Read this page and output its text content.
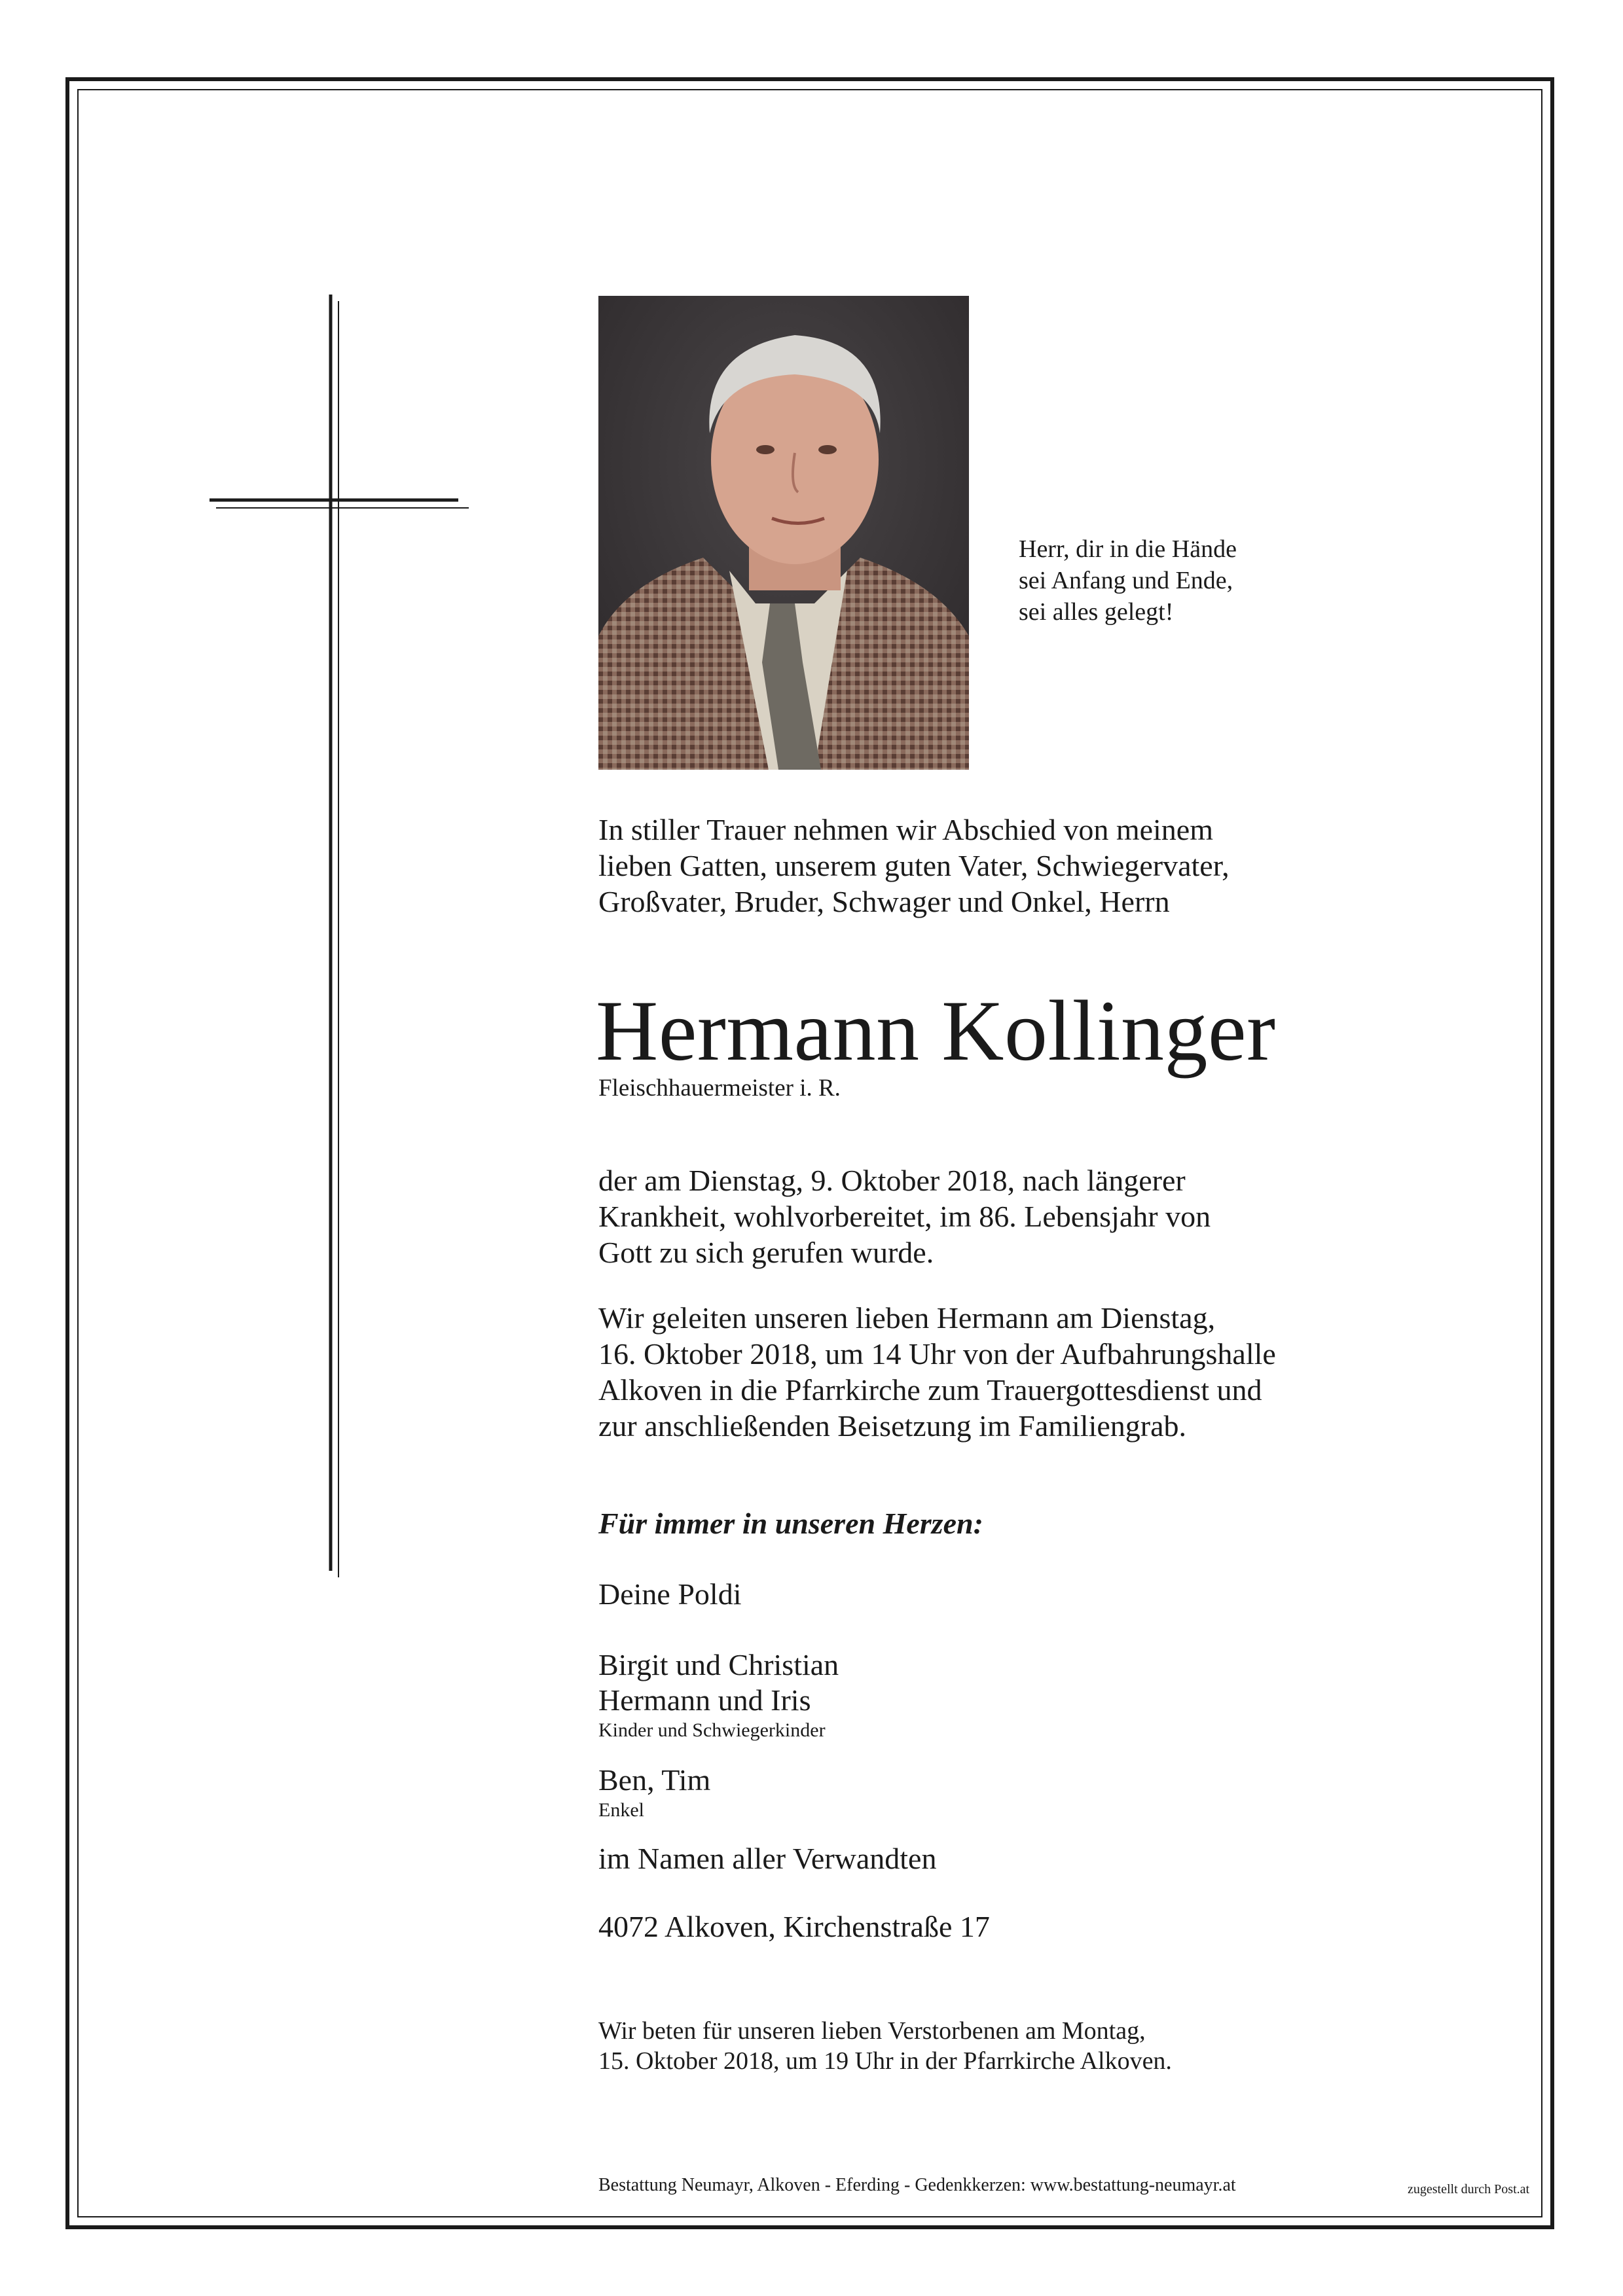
Herr, dir in die Hände
sei Anfang und Ende,
sei alles gelegt!
In stiller Trauer nehmen wir Abschied von meinem
lieben Gatten, unserem guten Vater, Schwiegervater,
Großvater, Bruder, Schwager und Onkel, Herrn
Hermann Kollinger
Fleischhauermeister i. R.
der am Dienstag, 9. Oktober 2018, nach längerer
Krankheit, wohlvorbereitet, im 86. Lebensjahr von
Gott zu sich gerufen wurde.
Wir geleiten unseren lieben Hermann am Dienstag,
16. Oktober 2018, um 14 Uhr von der Aufbahrungshalle
Alkoven in die Pfarrkirche zum Trauergottesdienst und
zur anschließenden Beisetzung im Familiengrab.
Für immer in unseren Herzen:
Deine Poldi
Birgit und Christian
Hermann und Iris
Kinder und Schwiegerkinder
Ben, Tim
Enkel
im Namen aller Verwandten
4072 Alkoven, Kirchenstraße 17
Wir beten für unseren lieben Verstorbenen am Montag,
15. Oktober 2018, um 19 Uhr in der Pfarrkirche Alkoven.
Bestattung Neumayr, Alkoven - Eferding - Gedenkkerzen: www.bestattung-neumayr.at	zugestellt durch Post.at
